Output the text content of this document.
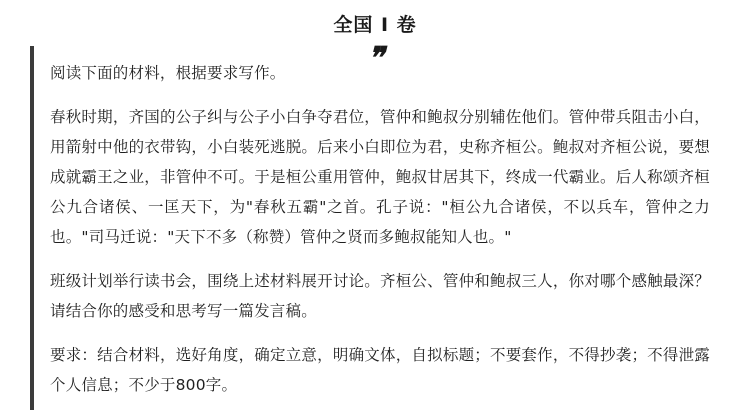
全国 I 卷
❞

阅读下面的材料，根据要求写作。

春秋时期，齐国的公子纠与公子小白争夺君位，管仲和鲍叔分别辅佐他们。管仲带兵阻击小白，用箭射中他的衣带钩，小白装死逃脱。后来小白即位为君，史称齐桓公。鲍叔对齐桓公说，要想成就霸王之业，非管仲不可。于是桓公重用管仲，鲍叔甘居其下，终成一代霸业。后人称颂齐桓公九合诸侯、一匡天下，为"春秋五霸"之首。孔子说："桓公九合诸侯，不以兵车，管仲之力也。"司马迁说："天下不多（称赞）管仲之贤而多鲍叔能知人也。"

班级计划举行读书会，围绕上述材料展开讨论。齐桓公、管仲和鲍叔三人，你对哪个感触最深？请结合你的感受和思考写一篇发言稿。

要求：结合材料，选好角度，确定立意，明确文体，自拟标题；不要套作，不得抄袭；不得泄露个人信息；不少于800字。
